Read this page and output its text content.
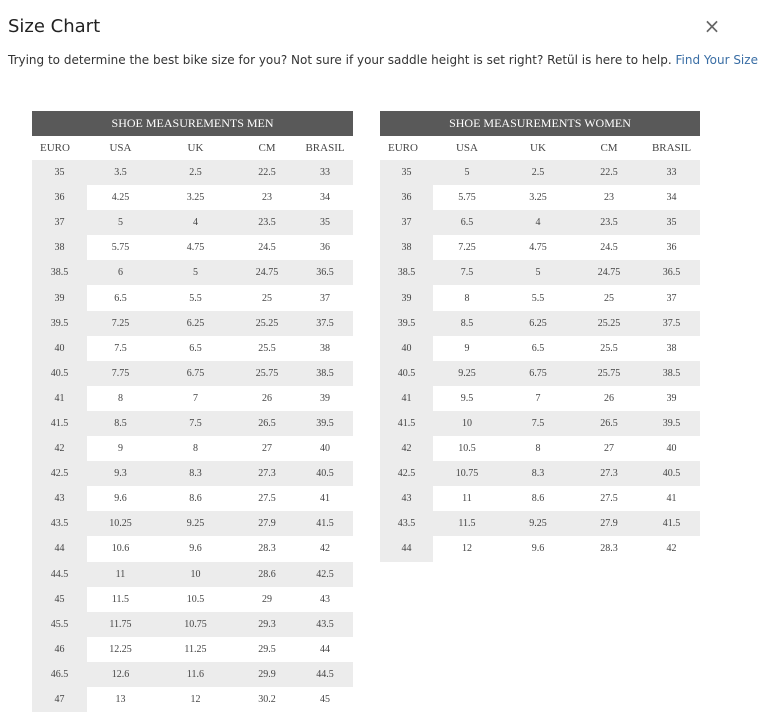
Size Chart	×
Trying to determine the best bike size for you? Not sure if your saddle height is set right? Retül is here to help. Find Your Size
SHOE MEASUREMENTS MEN				
EURO	USA	UK	CM	BRASIL
35	3.5	2.5	22.5	33
36	4.25	3.25	23	34
37	5	4	23.5	35
38	5.75	4.75	24.5	36
38.5	6	5	24.75	36.5
39	6.5	5.5	25	37
39.5	7.25	6.25	25.25	37.5
40	7.5	6.5	25.5	38
40.5	7.75	6.75	25.75	38.5
41	8	7	26	39
41.5	8.5	7.5	26.5	39.5
42	9	8	27	40
42.5	9.3	8.3	27.3	40.5
43	9.6	8.6	27.5	41
43.5	10.25	9.25	27.9	41.5
44	10.6	9.6	28.3	42
44.5	11	10	28.6	42.5
45	11.5	10.5	29	43
45.5	11.75	10.75	29.3	43.5
46	12.25	11.25	29.5	44
46.5	12.6	11.6	29.9	44.5
47	13	12	30.2	45
SHOE MEASUREMENTS WOMEN				
EURO	USA	UK	CM	BRASIL
35	5	2.5	22.5	33
36	5.75	3.25	23	34
37	6.5	4	23.5	35
38	7.25	4.75	24.5	36
38.5	7.5	5	24.75	36.5
39	8	5.5	25	37
39.5	8.5	6.25	25.25	37.5
40	9	6.5	25.5	38
40.5	9.25	6.75	25.75	38.5
41	9.5	7	26	39
41.5	10	7.5	26.5	39.5
42	10.5	8	27	40
42.5	10.75	8.3	27.3	40.5
43	11	8.6	27.5	41
43.5	11.5	9.25	27.9	41.5
44	12	9.6	28.3	42
